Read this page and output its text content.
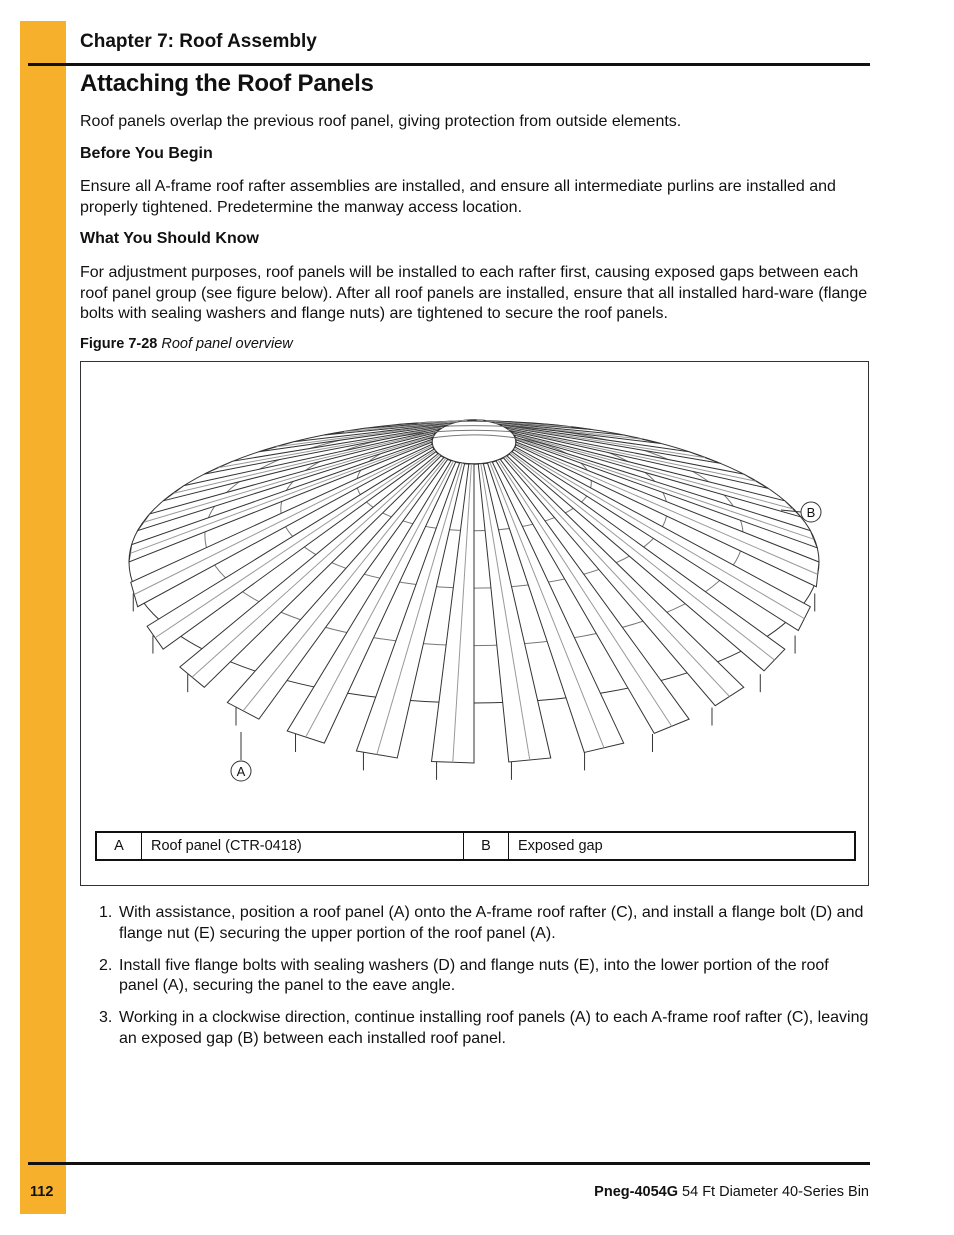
Chapter 7: Roof Assembly
Attaching the Roof Panels
Roof panels overlap the previous roof panel, giving protection from outside elements.
Before You Begin
Ensure all A-frame roof rafter assemblies are installed, and ensure all intermediate purlins are installed and properly tightened. Predetermine the manway access location.
What You Should Know
For adjustment purposes, roof panels will be installed to each rafter first, causing exposed gaps between each roof panel group (see figure below). After all roof panels are installed, ensure that all installed hard-ware (flange bolts with sealing washers and flange nuts) are tightened to secure the roof panels.
Figure 7-28 Roof panel overview
A
B
A	Roof panel (CTR-0418)	B	Exposed gap
1. With assistance, position a roof panel (A) onto the A-frame roof rafter (C), and install a flange bolt (D) and flange nut (E) securing the upper portion of the roof panel (A).
2. Install five flange bolts with sealing washers (D) and flange nuts (E), into the lower portion of the roof panel (A), securing the panel to the eave angle.
3. Working in a clockwise direction, continue installing roof panels (A) to each A-frame roof rafter (C), leaving an exposed gap (B) between each installed roof panel.
112	Pneg-4054G 54 Ft Diameter 40-Series Bin
